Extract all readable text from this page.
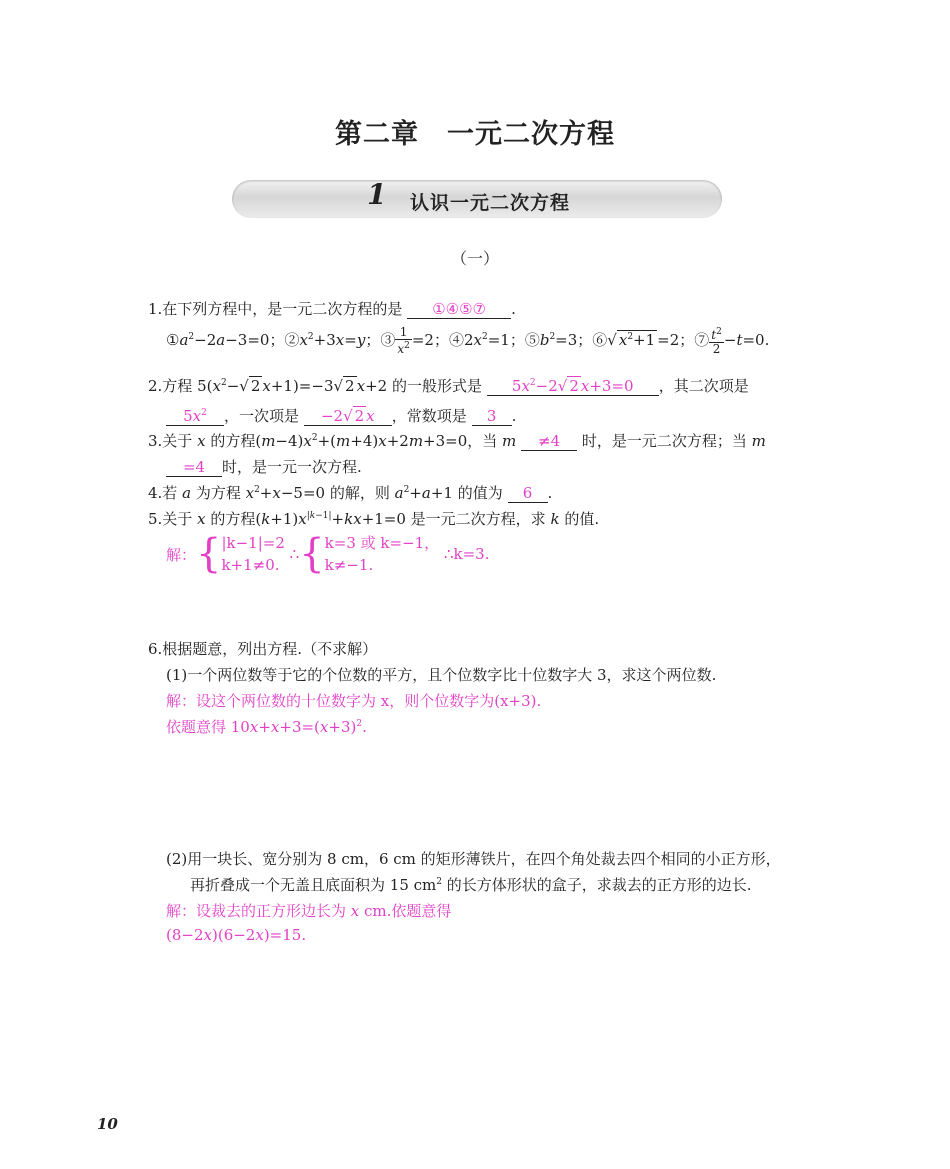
第二章　一元二次方程
1 认识一元二次方程
（一）
1.在下列方程中，是一元二次方程的是 ①④⑤⑦ .
$①a^2-2a-3=0$；$②x^2+3x=y$；③ $\frac{1}{x^2} =2$；$④2x^2=1$；$⑤b^2=3$；⑥√ $x^2+1 =2$；⑦ $\frac{t^2}{2} -t=0$.
2.方程 $5(x^2-√$ 2 x+1)=−3√ 2 x+2 的一般形式是 $5x^2-2√$ 2 x+3=0 ，其二次项是
$5x^2$ ，一次项是 −2√ 2 x ，常数项是 3 .
3.关于 x 的方程$(m-4)x^2+(m+4)x+2m+3=0$，当 m ≠4 时，是一元二次方程；当 m
=4 时，是一元一次方程.
4.若 a 为方程 $x^2+x-5=0$ 的解，则 $a^2+a+1$ 的值为 6 .
5.关于 x 的方程$(k+1)x^{|k-1|}+kx+1=0$ 是一元二次方程，求 k 的值.
解：{ |k−1|=2
k+1≠0.
∴{ k=3 或 k=−1，
k≠−1.
∴k=3.
6.根据题意，列出方程.（不求解）
(1)一个两位数等于它的个位数的平方，且个位数字比十位数字大 3，求这个两位数.
解：设这个两位数的十位数字为 x，则个位数字为(x+3).
依题意得 $10x+x+3=(x+3)^2$.
(2)用一块长、宽分别为 8 cm，6 cm 的矩形薄铁片，在四个角处裁去四个相同的小正方形，
再折叠成一个无盖且底面积为 15 $cm^2$ 的长方体形状的盒子，求裁去的正方形的边长.
解：设裁去的正方形边长为 x cm.依题意得
(8−2x)(6−2x)=15.
10
